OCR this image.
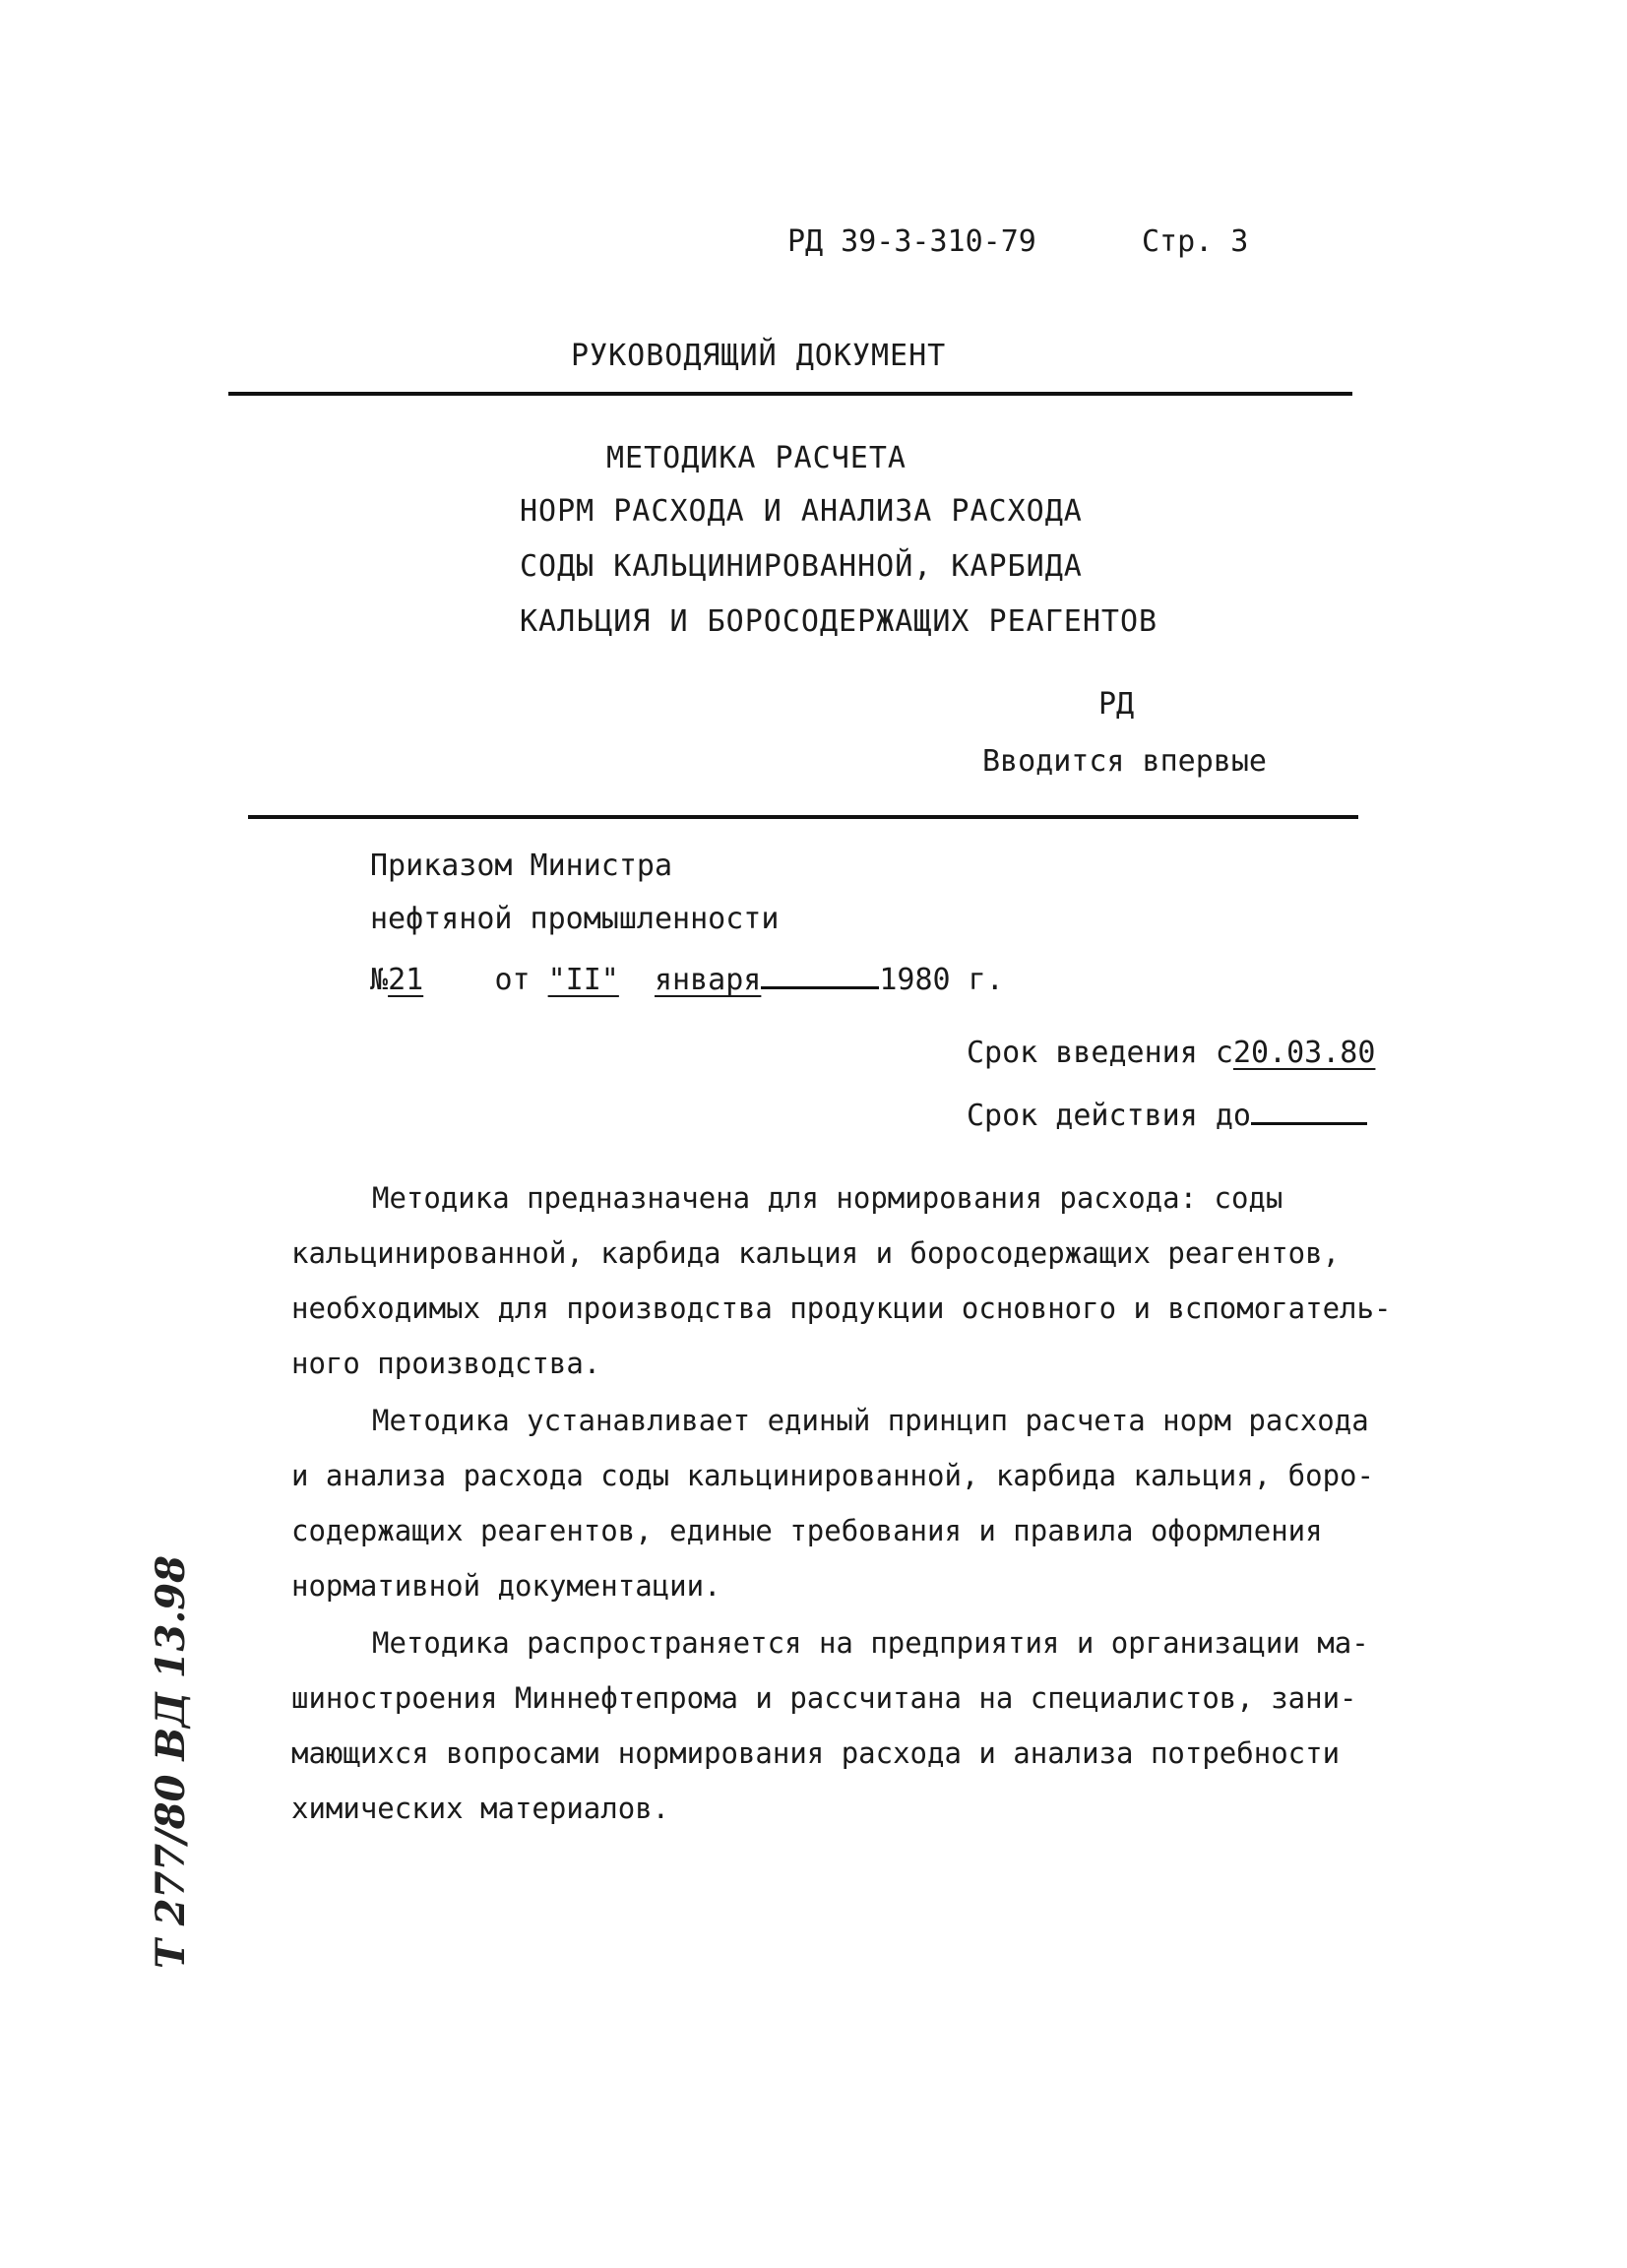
РД 39-3-310-79	Стр. 3
РУКОВОДЯЩИЙ ДОКУМЕНТ
МЕТОДИКА РАСЧЕТА
НОРМ РАСХОДА И АНАЛИЗА РАСХОДА
СОДЫ КАЛЬЦИНИРОВАННОЙ, КАРБИДА
КАЛЬЦИЯ И БОРОСОДЕРЖАЩИХ РЕАГЕНТОВ
РД
Вводится впервые
Приказом Министра
нефтяной промышленности
№21 от "II" января	1980 г.
Срок введения с20.03.80
Срок действия до
Методика предназначена для нормирования расхода: соды
кальцинированной, карбида кальция и боросодержащих реагентов,
необходимых для производства продукции основного и вспомогатель-
ного производства.
Методика устанавливает единый принцип расчета норм расхода
и анализа расхода соды кальцинированной, карбида кальция, боро-
содержащих реагентов, единые требования и правила оформления
нормативной документации.
Методика распространяется на предприятия и организации ма-
шиностроения Миннефтепрома и рассчитана на специалистов, зани-
мающихся вопросами нормирования расхода и анализа потребности
химических материалов.
Т 277/80 ВД 13.98
